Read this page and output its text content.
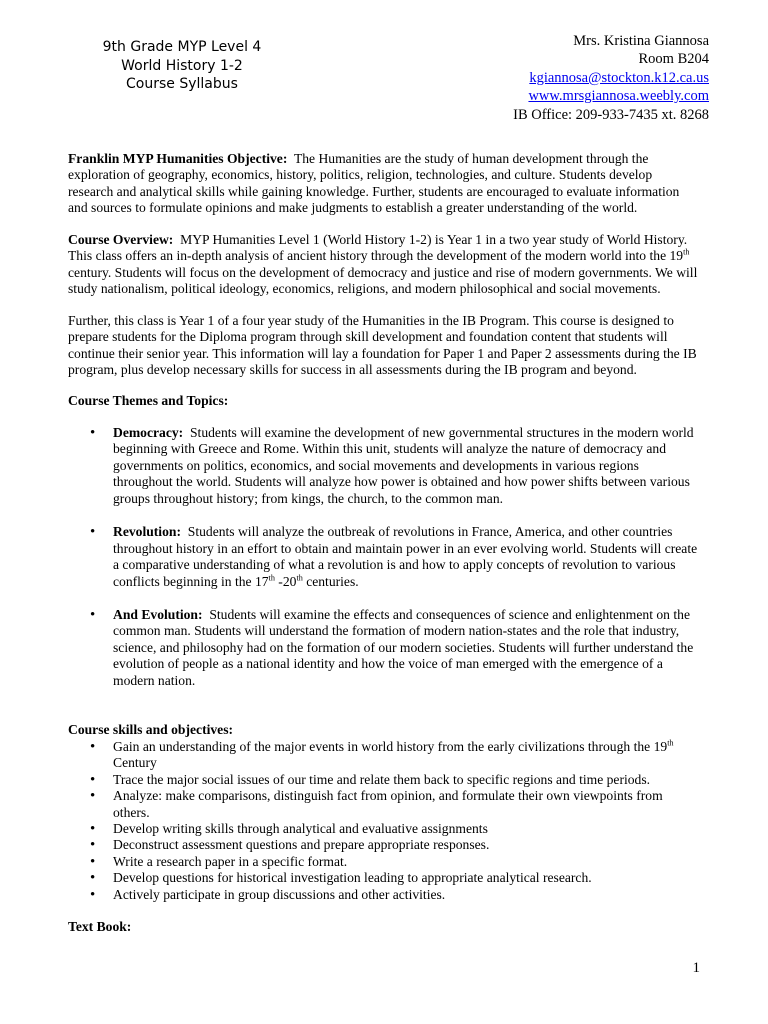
9th Grade MYP Level 4
World History 1-2
Course Syllabus
Mrs. Kristina Giannosa
Room B204
kgiannosa@stockton.k12.ca.us
www.mrsgiannosa.weebly.com
IB Office: 209-933-7435 xt. 8268

Franklin MYP Humanities Objective: The Humanities are the study of human development through the exploration of geography, economics, history, politics, religion, technologies, and culture. Students develop research and analytical skills while gaining knowledge. Further, students are encouraged to evaluate information and sources to formulate opinions and make judgments to establish a greater understanding of the world.

Course Overview: MYP Humanities Level 1 (World History 1-2) is Year 1 in a two year study of World History. This class offers an in-depth analysis of ancient history through the development of the modern world into the 19th century. Students will focus on the development of democracy and justice and rise of modern governments. We will study nationalism, political ideology, economics, religions, and modern philosophical and social movements.

Further, this class is Year 1 of a four year study of the Humanities in the IB Program. This course is designed to prepare students for the Diploma program through skill development and foundation content that students will continue their senior year. This information will lay a foundation for Paper 1 and Paper 2 assessments during the IB program, plus develop necessary skills for success in all assessments during the IB program and beyond.

Course Themes and Topics:

• Democracy: Students will examine the development of new governmental structures in the modern world beginning with Greece and Rome. Within this unit, students will analyze the nature of democracy and governments on politics, economics, and social movements and developments in various regions throughout the world. Students will analyze how power is obtained and how power shifts between various groups throughout history; from kings, the church, to the common man.
• Revolution: Students will analyze the outbreak of revolutions in France, America, and other countries throughout history in an effort to obtain and maintain power in an ever evolving world. Students will create a comparative understanding of what a revolution is and how to apply concepts of revolution to various conflicts beginning in the 17th -20th centuries.
• And Evolution: Students will examine the effects and consequences of science and enlightenment on the common man. Students will understand the formation of modern nation-states and the role that industry, science, and philosophy had on the formation of our modern societies. Students will further understand the evolution of people as a national identity and how the voice of man emerged with the emergence of a modern nation.

Course skills and objectives:

• Gain an understanding of the major events in world history from the early civilizations through the 19th Century
• Trace the major social issues of our time and relate them back to specific regions and time periods.
• Analyze: make comparisons, distinguish fact from opinion, and formulate their own viewpoints from others.
• Develop writing skills through analytical and evaluative assignments
• Deconstruct assessment questions and prepare appropriate responses.
• Write a research paper in a specific format.
• Develop questions for historical investigation leading to appropriate analytical research.
• Actively participate in group discussions and other activities.

Text Book:

1
